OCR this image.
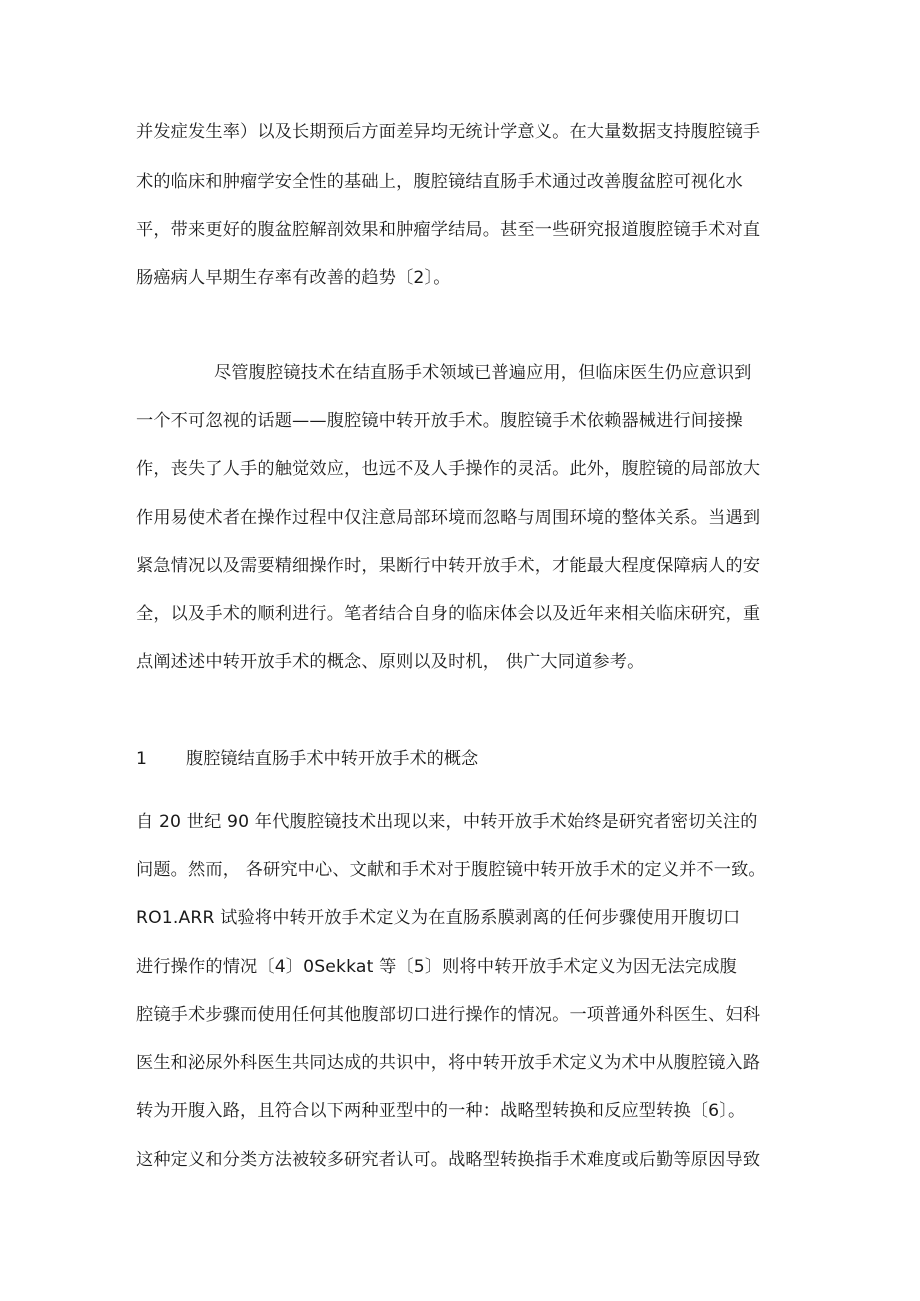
并发症发生率）以及长期预后方面差异均无统计学意义。在大量数据支持腹腔镜手
术的临床和肿瘤学安全性的基础上，腹腔镜结直肠手术通过改善腹盆腔可视化水
平，带来更好的腹盆腔解剖效果和肿瘤学结局。甚至一些研究报道腹腔镜手术对直
肠癌病人早期生存率有改善的趋势〔2〕。
尽管腹腔镜技术在结直肠手术领域已普遍应用，但临床医生仍应意识到
一个不可忽视的话题——腹腔镜中转开放手术。腹腔镜手术依赖器械进行间接操
作，丧失了人手的触觉效应，也远不及人手操作的灵活。此外，腹腔镜的局部放大
作用易使术者在操作过程中仅注意局部环境而忽略与周围环境的整体关系。当遇到
紧急情况以及需要精细操作时，果断行中转开放手术，才能最大程度保障病人的安
全，以及手术的顺利进行。笔者结合自身的临床体会以及近年来相关临床研究，重
点阐述述中转开放手术的概念、原则以及时机， 供广大同道参考。
1 腹腔镜结直肠手术中转开放手术的概念
自 20 世纪 90 年代腹腔镜技术出现以来，中转开放手术始终是研究者密切关注的
问题。然而， 各研究中心、文献和手术对于腹腔镜中转开放手术的定义并不一致。
RO1.ARR 试验将中转开放手术定义为在直肠系膜剥离的任何步骤使用开腹切口
进行操作的情况〔4〕0Sekkat 等〔5〕则将中转开放手术定义为因无法完成腹
腔镜手术步骤而使用任何其他腹部切口进行操作的情况。一项普通外科医生、妇科
医生和泌尿外科医生共同达成的共识中，将中转开放手术定义为术中从腹腔镜入路
转为开腹入路，且符合以下两种亚型中的一种：战略型转换和反应型转换〔6〕。
这种定义和分类方法被较多研究者认可。战略型转换指手术难度或后勤等原因导致
